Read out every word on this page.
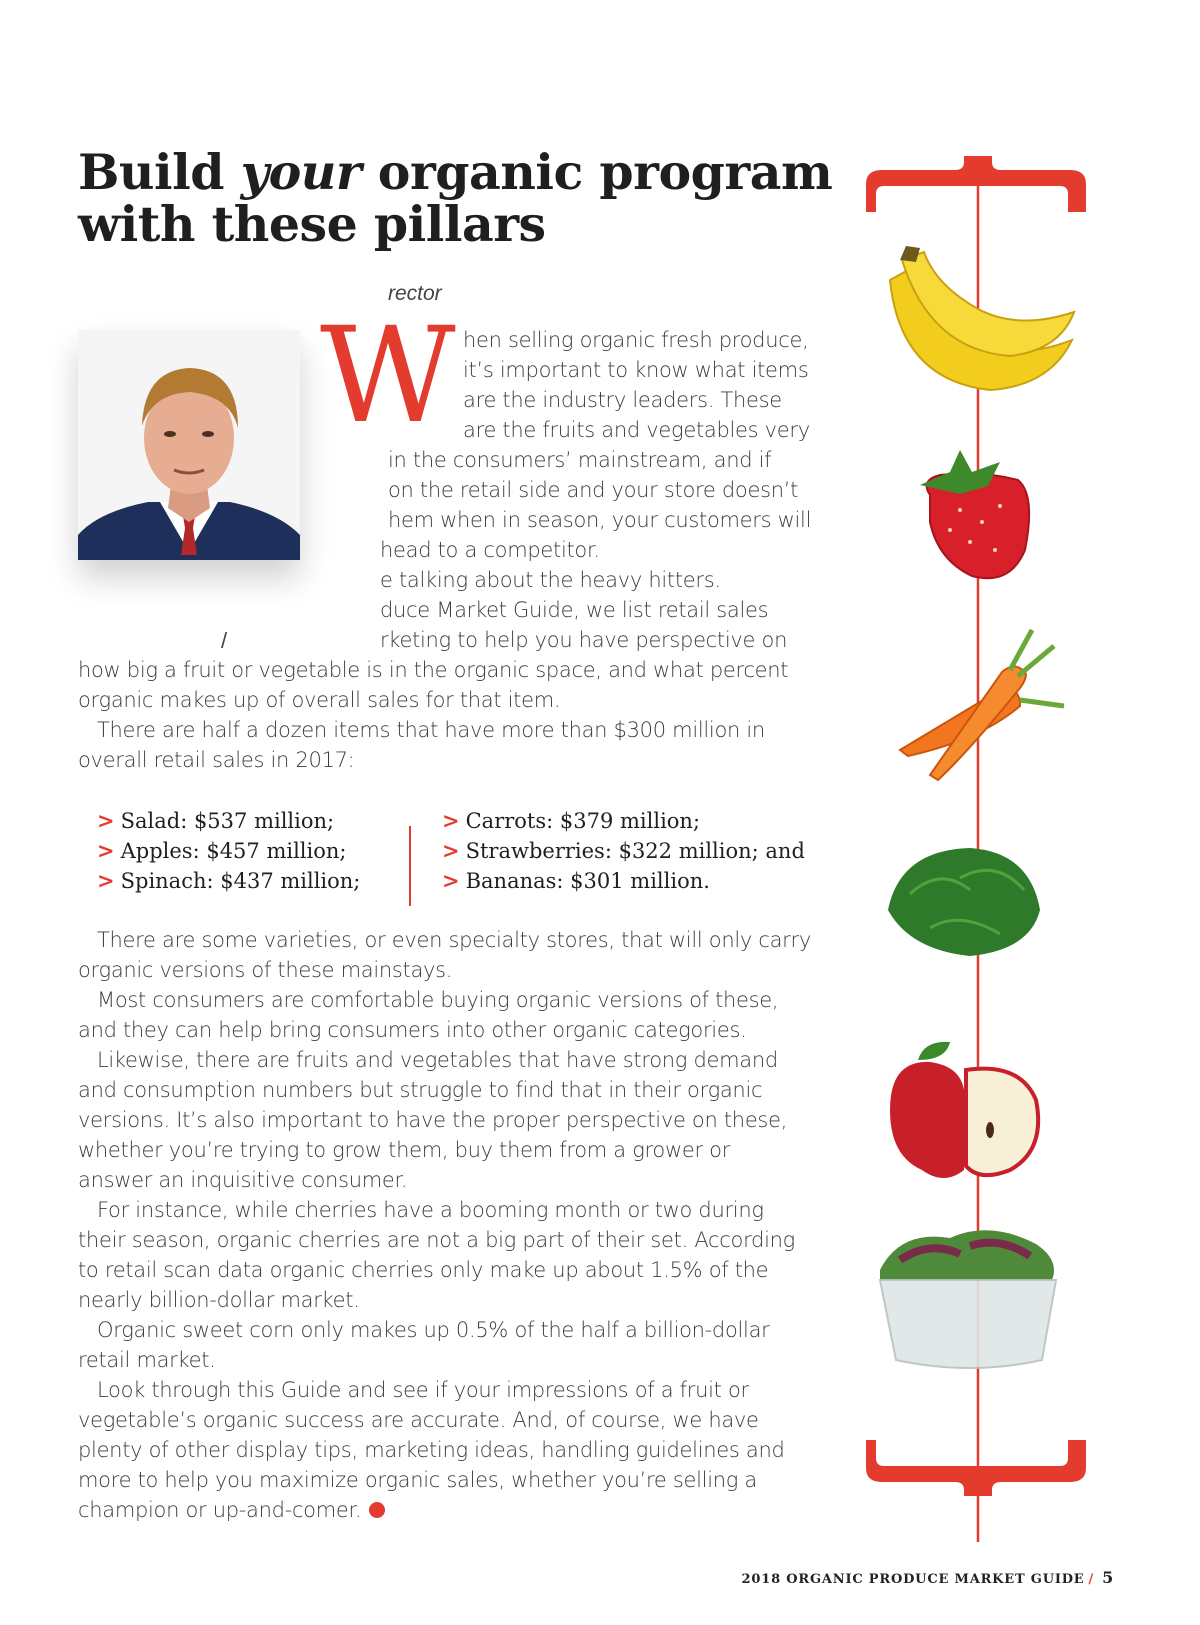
Build your organic program with these pillars
rector
W
/
hen selling organic fresh produce,
it’s important to know what items
are the industry leaders. These
are the fruits and vegetables very
in the consumers’ mainstream, and if
on the retail side and your store doesn’t
hem when in season, your customers will
head to a competitor.
e talking about the heavy hitters.
duce Market Guide, we list retail sales
rketing to help you have perspective on
how big a fruit or vegetable is in the organic space, and what percent
organic makes up of overall sales for that item.
There are half a dozen items that have more than $300 million in
overall retail sales in 2017:
> Salad: $537 million;
> Apples: $457 million;
> Spinach: $437 million;
> Carrots: $379 million;
> Strawberries: $322 million; and
> Bananas: $301 million.
There are some varieties, or even specialty stores, that will only carry
organic versions of these mainstays.
Most consumers are comfortable buying organic versions of these,
and they can help bring consumers into other organic categories.
Likewise, there are fruits and vegetables that have strong demand
and consumption numbers but struggle to find that in their organic
versions. It’s also important to have the proper perspective on these,
whether you’re trying to grow them, buy them from a grower or
answer an inquisitive consumer.
For instance, while cherries have a booming month or two during
their season, organic cherries are not a big part of their set. According
to retail scan data organic cherries only make up about 1.5% of the
nearly billion-dollar market.
Organic sweet corn only makes up 0.5% of the half a billion-dollar
retail market.
Look through this Guide and see if your impressions of a fruit or
vegetable’s organic success are accurate. And, of course, we have
plenty of other display tips, marketing ideas, handling guidelines and
more to help you maximize organic sales, whether you’re selling a
champion or up-and-comer.
2018 ORGANIC PRODUCE MARKET GUIDE / 5
